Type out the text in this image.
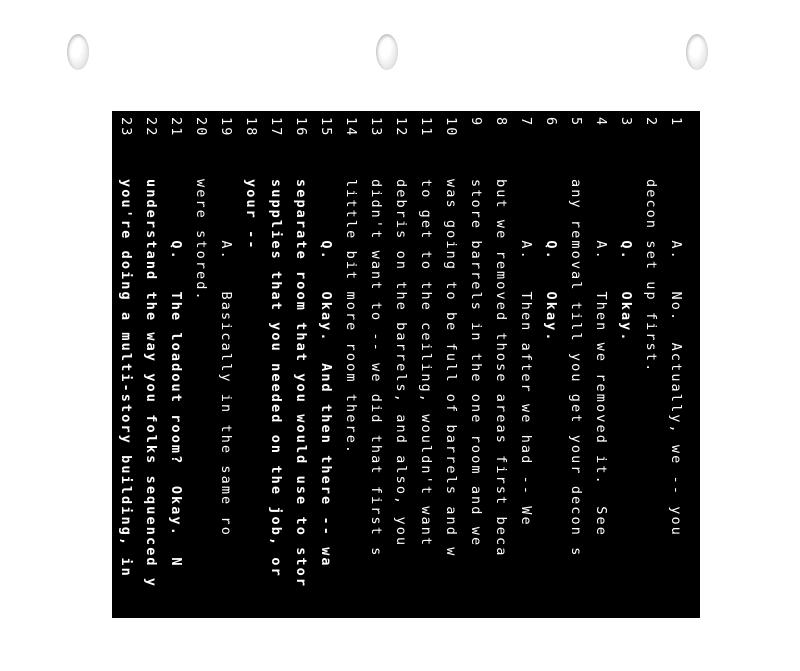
1
A.   No.  Actually, we -- you
2
decon set up first.
3
Q.   Okay.
4
A.   Then we removed it.  See
5
any removal till you get your decon s
6
Q.   Okay.
7
A.   Then after we had -- We
8
but we removed those areas first beca
9
store barrels in the one room and we
10
was going to be full of barrels and w
11
to get to the ceiling, wouldn't want
12
debris on the barrels, and also, you
13
didn't want to -- we did that first s
14
little bit more room there.
15
Q.   Okay.  And then there -- wa
16
separate room that you would use to stor
17
supplies that you needed on the job, or
18
your --
19
A.   Basically in the same ro
20
were stored.
21
Q.   The loadout room?  Okay.  N
22
understand the way you folks sequenced y
23
you're doing a multi-story building, in
24
two-story building, do you have a prefer
